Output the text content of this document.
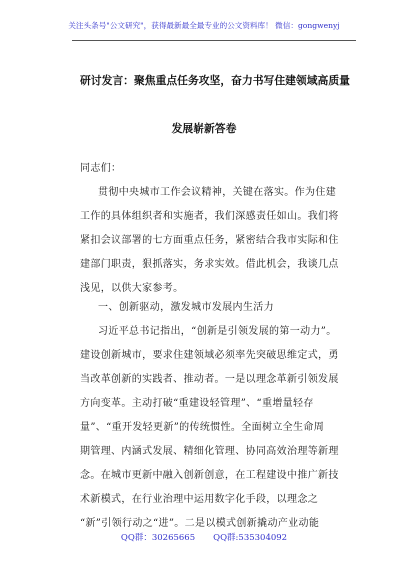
关注头条号"公文研究"，获得最新最全最专业的公文资料库！ 微信：gongwenyj
研讨发言：聚焦重点任务攻坚，奋力书写住建领域高质量
发展崭新答卷
同志们：
贯彻中央城市工作会议精神，关键在落实。作为住建
工作的具体组织者和实施者，我们深感责任如山。我们将
紧扣会议部署的七方面重点任务，紧密结合我市实际和住
建部门职责，狠抓落实，务求实效。借此机会，我谈几点
浅见，以供大家参考。
一、创新驱动，激发城市发展内生活力
习近平总书记指出，“创新是引领发展的第一动力”。
建设创新城市，要求住建领域必须率先突破思维定式，勇
当改革创新的实践者、推动者。一是以理念革新引领发展
方向变革。主动打破“重建设轻管理”、“重增量轻存
量”、“重开发轻更新”的传统惯性。全面树立全生命周
期管理、内涵式发展、精细化管理、协同高效治理等新理
念。在城市更新中融入创新创意，在工程建设中推广新技
术新模式，在行业治理中运用数字化手段，以理念之
“新”引领行动之“进”。二是以模式创新撬动产业动能
QQ群：30265665 QQ群:535304092
